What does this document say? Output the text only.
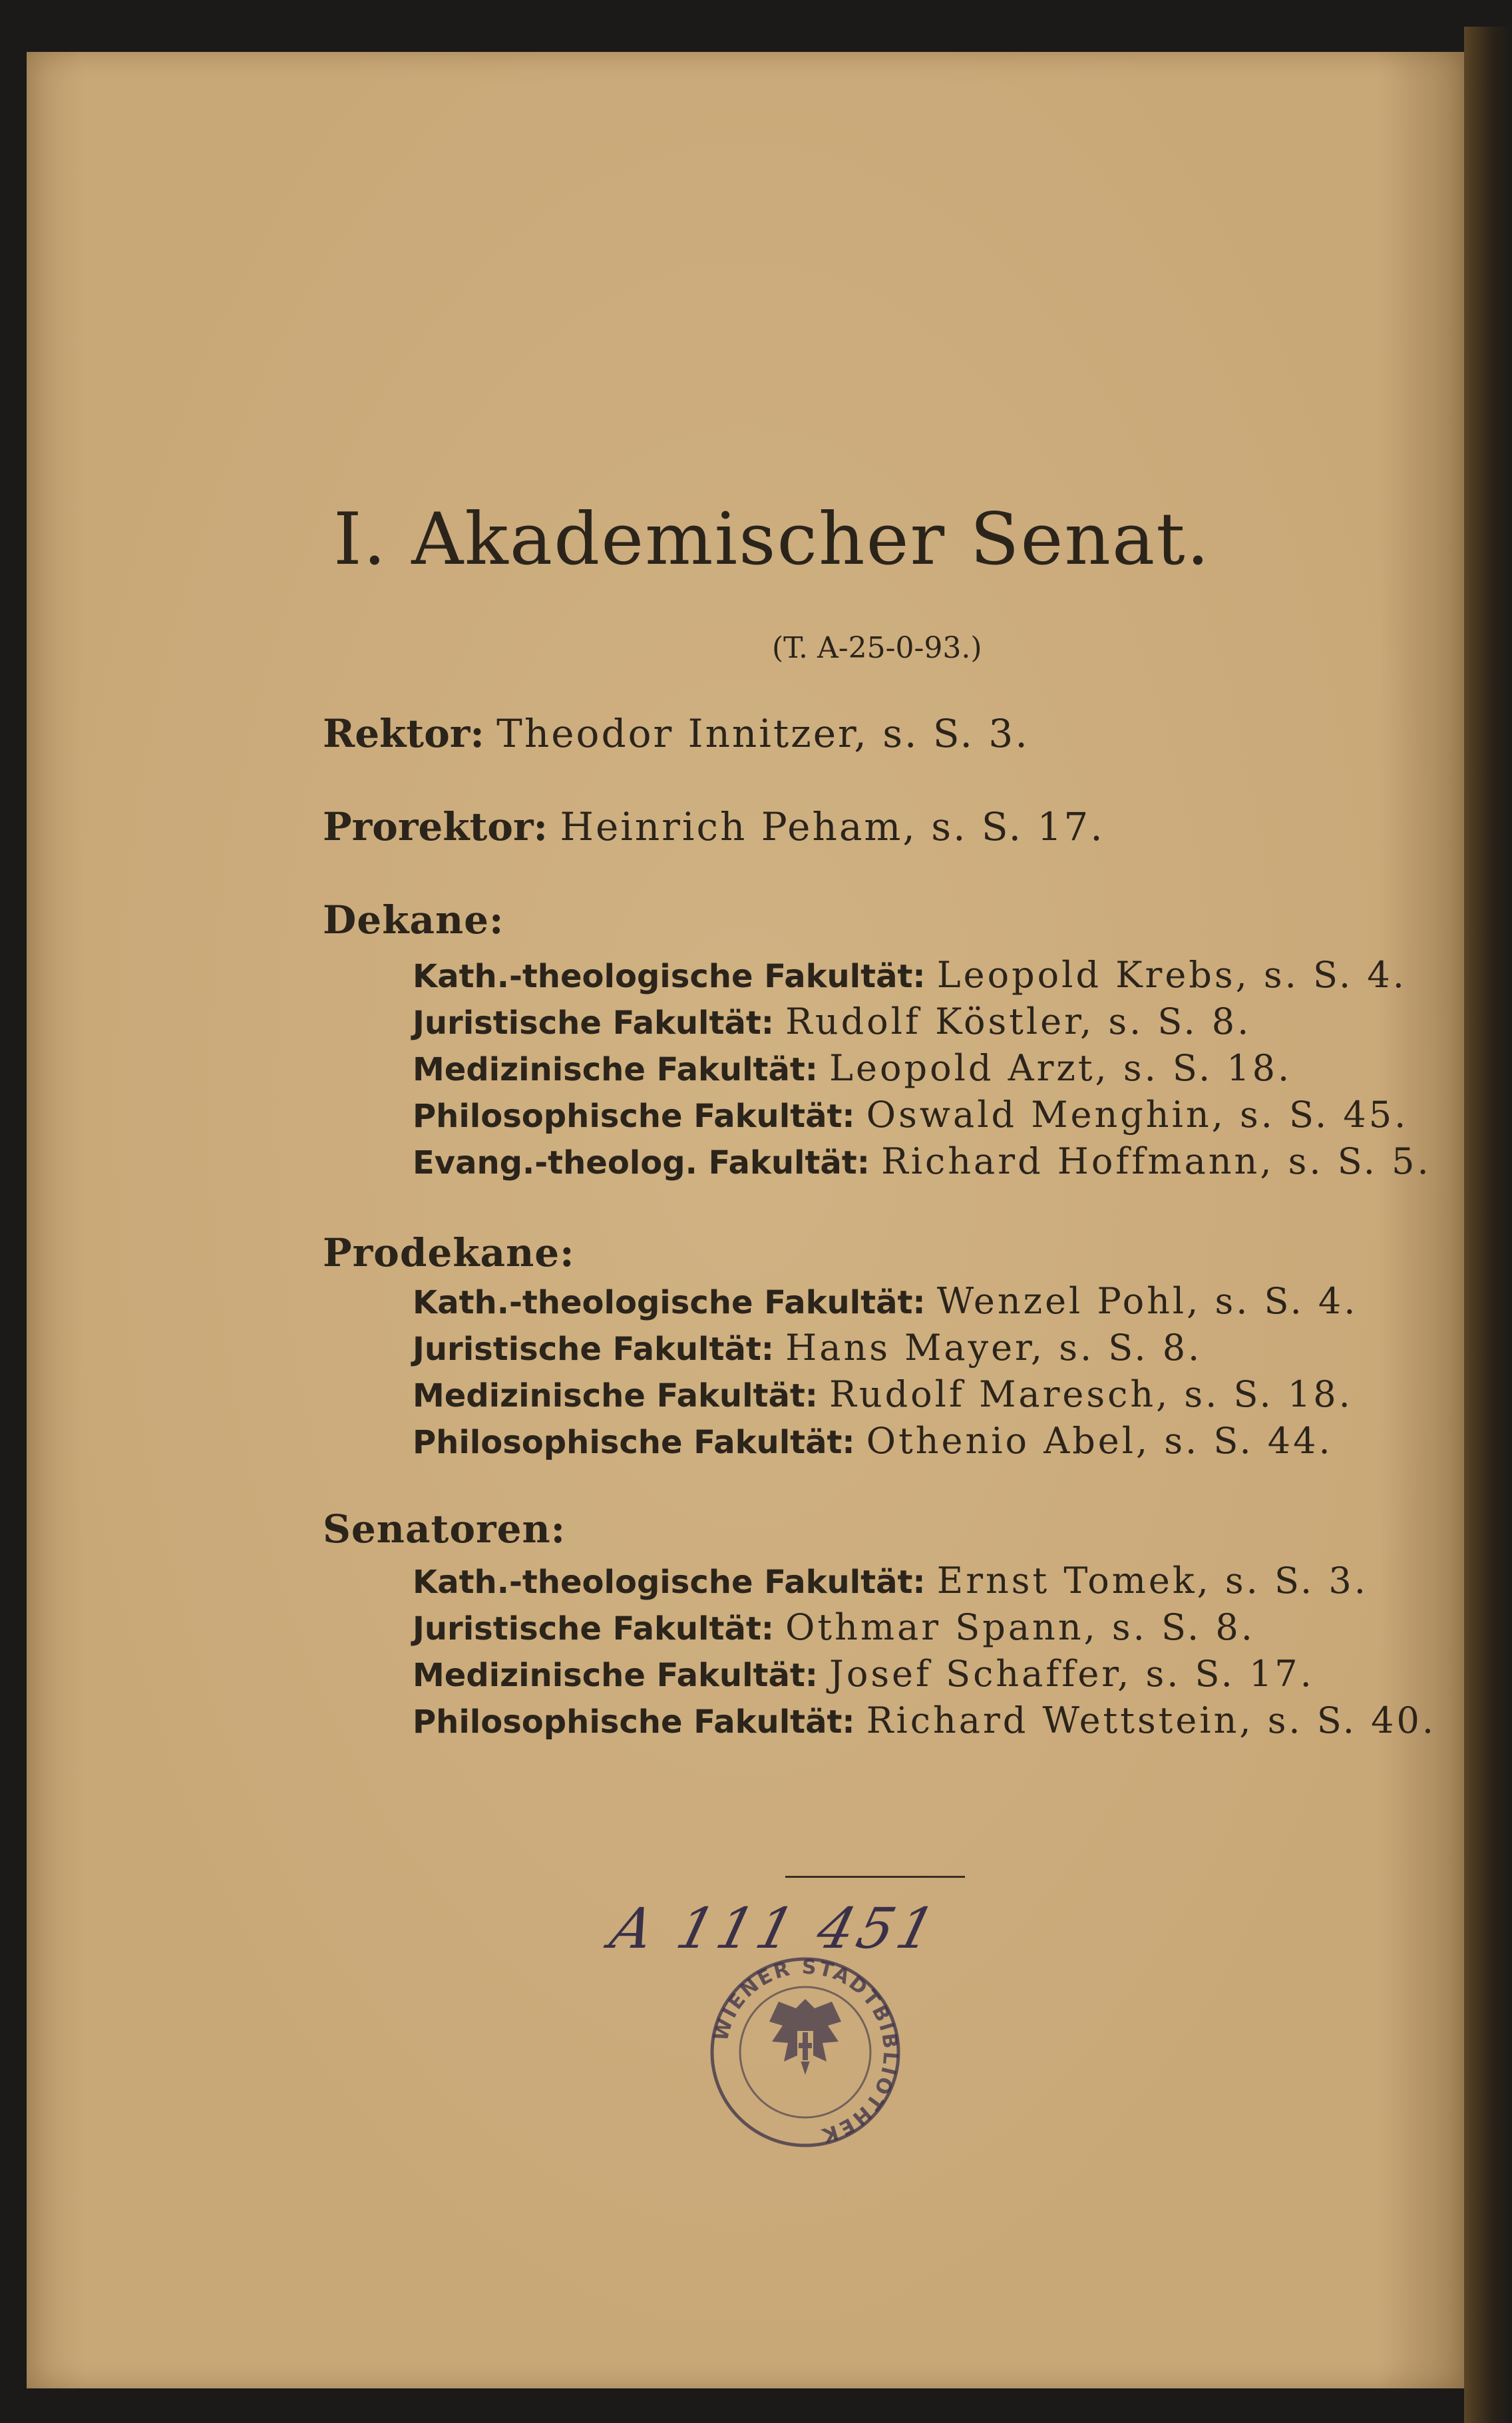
I. Akademischer Senat.
(T. A-25-0-93.)
Rektor: Theodor Innitzer, s. S. 3.
Prorektor: Heinrich Peham, s. S. 17.
Dekane:
Kath.-theologische Fakultät: Leopold Krebs, s. S. 4.
Juristische Fakultät: Rudolf Köstler, s. S. 8.
Medizinische Fakultät: Leopold Arzt, s. S. 18.
Philosophische Fakultät: Oswald Menghin, s. S. 45.
Evang.-theolog. Fakultät: Richard Hoffmann, s. S. 5.
Prodekane:
Kath.-theologische Fakultät: Wenzel Pohl, s. S. 4.
Juristische Fakultät: Hans Mayer, s. S. 8.
Medizinische Fakultät: Rudolf Maresch, s. S. 18.
Philosophische Fakultät: Othenio Abel, s. S. 44.
Senatoren:
Kath.-theologische Fakultät: Ernst Tomek, s. S. 3.
Juristische Fakultät: Othmar Spann, s. S. 8.
Medizinische Fakultät: Josef Schaffer, s. S. 17.
Philosophische Fakultät: Richard Wettstein, s. S. 40.
A 111 451
WIENER STADTBIBLIOTHEK
